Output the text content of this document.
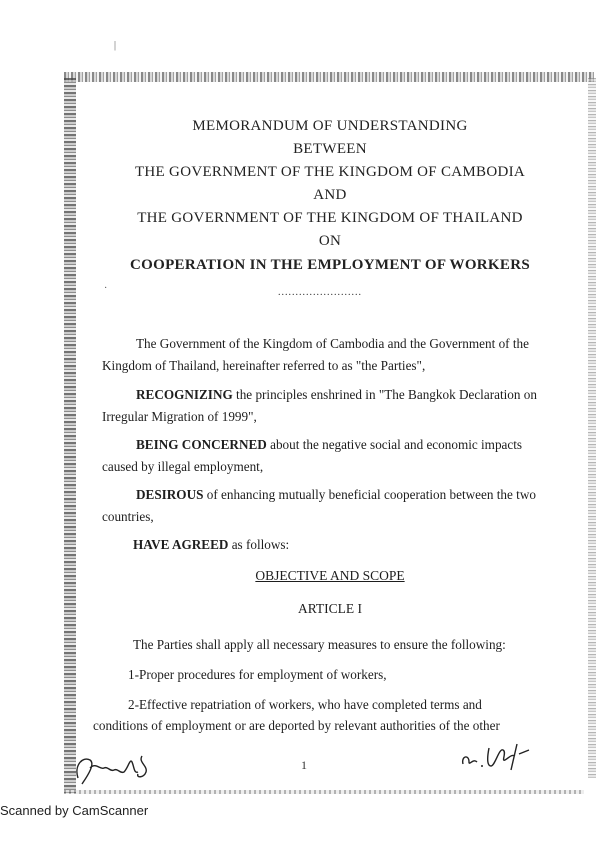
|
·
MEMORANDUM OF UNDERSTANDING
BETWEEN
THE GOVERNMENT OF THE KINGDOM OF CAMBODIA
AND
THE GOVERNMENT OF THE KINGDOM OF THAILAND
ON
COOPERATION IN THE EMPLOYMENT OF WORKERS
........................
The Government of the Kingdom of Cambodia and the Government of the
Kingdom of Thailand, hereinafter referred to as "the Parties",
RECOGNIZING the principles enshrined in "The Bangkok Declaration on
Irregular Migration of 1999",
BEING CONCERNED about the negative social and economic impacts
caused by illegal employment,
DESIROUS of enhancing mutually beneficial cooperation between the two
countries,
HAVE AGREED as follows:
OBJECTIVE AND SCOPE
ARTICLE I
The Parties shall apply all necessary measures to ensure the following:
1-Proper procedures for employment of workers,
2-Effective repatriation of workers, who have completed terms and
conditions of employment or are deported by relevant authorities of the other
1
Scanned by CamScanner
